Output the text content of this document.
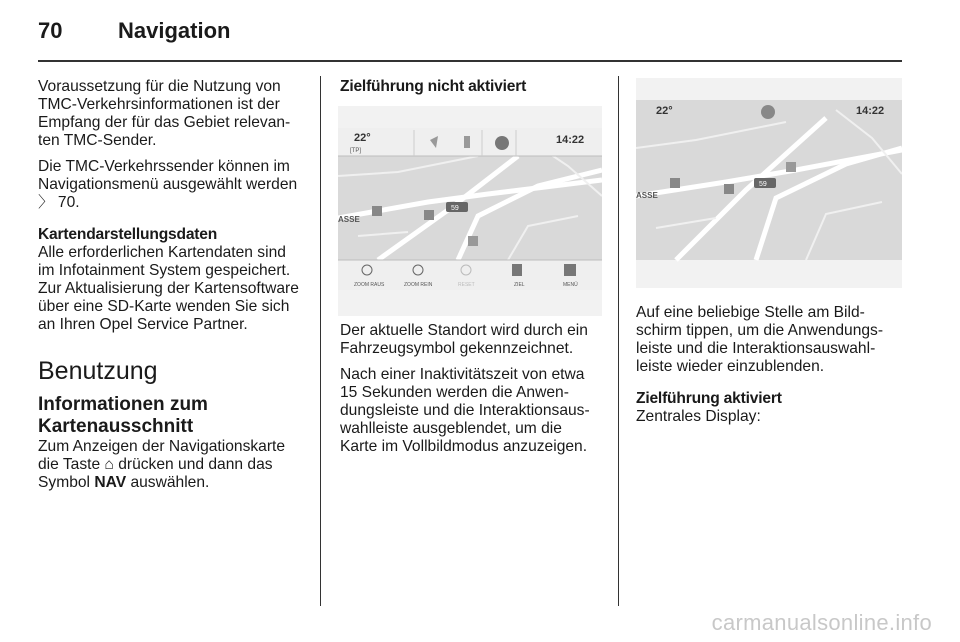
70	Navigation

Voraussetzung für die Nutzung von TMC-Verkehrsinformationen ist der Empfang der für das Gebiet relevanten TMC-Sender.

Die TMC-Verkehrssender können im Navigationsmenü ausgewählt werden 〉 70.

Kartendarstellungsdaten

Alle erforderlichen Kartendaten sind im Infotainment System gespeichert. Zur Aktualisierung der Kartensoftware über eine SD-Karte wenden Sie sich an Ihren Opel Service Partner.

Benutzung
Informationen zum Kartenausschnitt

Zum Anzeigen der Navigationskarte die Taste ⌂ drücken und dann das Symbol NAV auswählen.

Zielführung nicht aktiviert

Der aktuelle Standort wird durch ein Fahrzeugsymbol gekennzeichnet.

Nach einer Inaktivitätszeit von etwa 15 Sekunden werden die Anwendungsleiste und die Interaktionsauswahlleiste ausgeblendet, um die Karte im Vollbildmodus anzuzeigen.

22°
[TP]
14:22
59
ASSE
ZOOM RAUS	ZOOM REIN	RESET	ZIEL	MENÜ

Auf eine beliebige Stelle am Bildschirm tippen, um die Anwendungsleiste und die Interaktionsauswahlleiste wieder einzublenden.

Zielführung aktiviert

Zentrales Display:

22°	14:22
59
ASSE
carmanualsonline.info
